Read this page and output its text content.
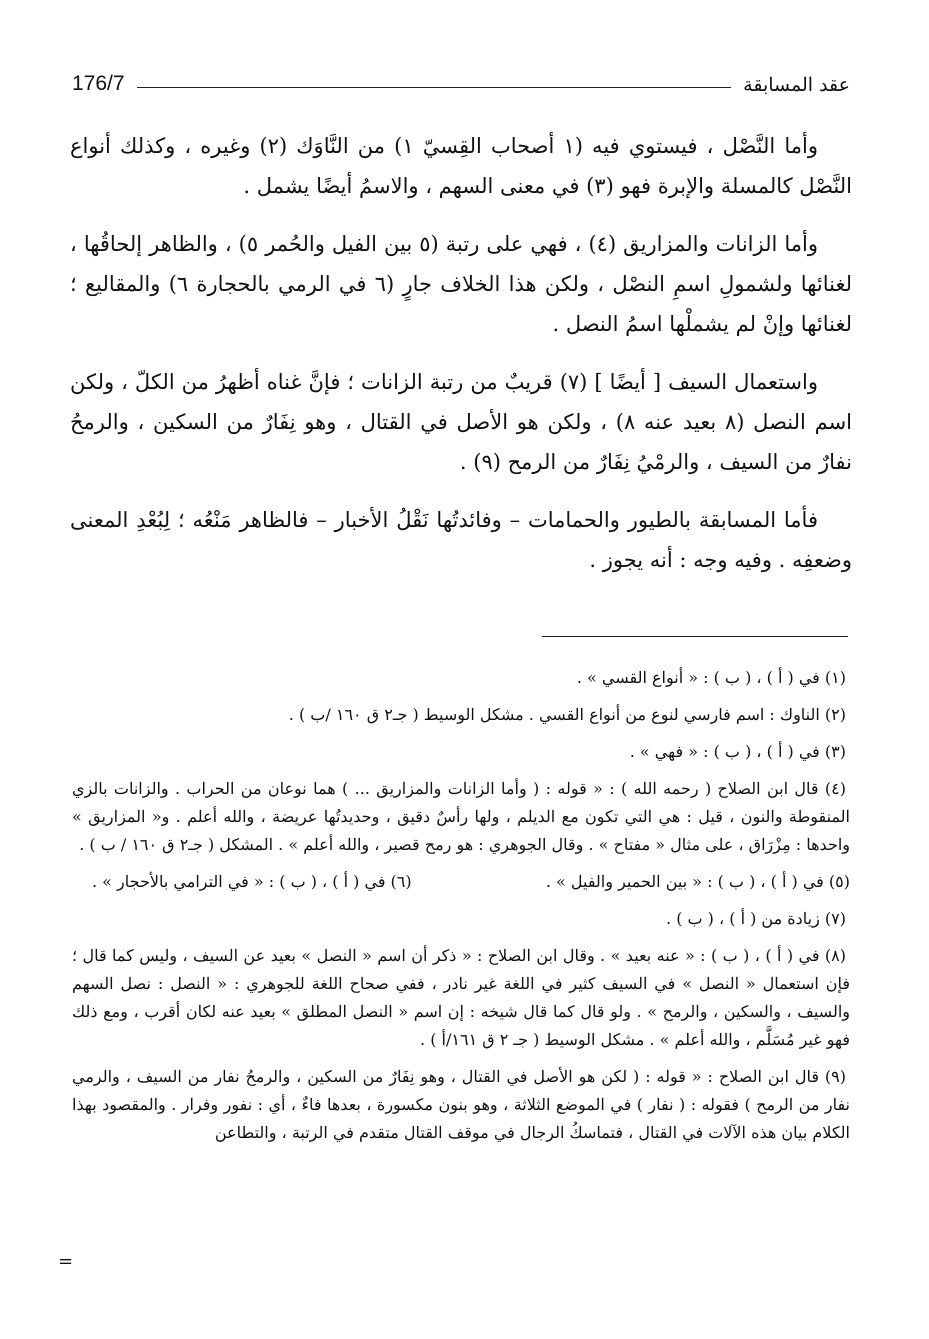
176/7	عقد المسابقة

وأما النَّصْل ، فيستوي فيه (١ أصحاب القِسيّ ١) من النَّاوَك (٢) وغيره ، وكذلك أنواع النَّصْل كالمسلة والإبرة فهو (٣) في معنى السهم ، والاسمُ أيضًا يشمل .

وأما الزانات والمزاريق (٤) ، فهي على رتبة (٥ بين الفيل والحُمر ٥) ، والظاهر إلحاقُها ، لغنائها ولشمولِ اسمِ النصْل ، ولكن هذا الخلاف جارٍ (٦ في الرمي بالحجارة ٦) والمقاليع ؛ لغنائها وإنْ لم يشملْها اسمُ النصل .

واستعمال السيف [ أيضًا ] (٧) قريبٌ من رتبة الزانات ؛ فإنَّ غناه أظهرُ من الكلّ ، ولكن اسم النصل (٨ بعيد عنه ٨) ، ولكن هو الأصل في القتال ، وهو نِفَارٌ من السكين ، والرمحُ نفارٌ من السيف ، والرمْيُ نِفَارٌ من الرمح (٩) .

فأما المسابقة بالطيور والحمامات – وفائدتُها نَقْلُ الأخبار – فالظاهر مَنْعُه ؛ لِبُعْدِ المعنى وضعفِه . وفيه وجه : أنه يجوز .

(١) في ( أ ) ، ( ب ) : « أنواع القسي » .
(٢) الناوك : اسم فارسي لنوع من أنواع القسي . مشكل الوسيط ( جـ٢ ق ١٦٠ /ب ) .
(٣) في ( أ ) ، ( ب ) : « فهي » .
(٤) قال ابن الصلاح ( رحمه الله ) : « قوله : ( وأما الزانات والمزاريق ... ) هما نوعان من الحراب . والزانات بالزي المنقوطة والنون ، قيل : هي التي تكون مع الديلم ، ولها رأسٌ دقيق ، وحديدتُها عريضة ، والله أعلم . و« المزاريق » واحدها : مِزْرَاق ، على مثال « مفتاح » . وقال الجوهري : هو رمح قصير ، والله أعلم » . المشكل ( جـ٢ ق ١٦٠ / ب ) .
(٥) في ( أ ) ، ( ب ) : « بين الحمير والفيل » .
(٦) في ( أ ) ، ( ب ) : « في الترامي بالأحجار » .
(٧) زيادة من ( أ ) ، ( ب ) .
(٨) في ( أ ) ، ( ب ) : « عنه بعيد » . وقال ابن الصلاح : « ذكر أن اسم « النصل » بعيد عن السيف ، وليس كما قال ؛ فإن استعمال « النصل » في السيف كثير في اللغة غير نادر ، ففي صحاح اللغة للجوهري : « النصل : نصل السهم والسيف ، والسكين ، والرمح » . ولو قال كما قال شيخه : إن اسم « النصل المطلق » بعيد عنه لكان أقرب ، ومع ذلك فهو غير مُسَلَّم ، والله أعلم » . مشكل الوسيط ( جـ ٢ ق ١٦١/أ ) .
(٩) قال ابن الصلاح : « قوله : ( لكن هو الأصل في القتال ، وهو نِفَارٌ من السكين ، والرمحُ نفار من السيف ، والرمي نفار من الرمح ) فقوله : ( نفار ) في الموضع الثلاثة ، وهو بنون مكسورة ، بعدها فاءٌ ، أي : نفور وفرار . والمقصود بهذا الكلام بيان هذه الآلات في القتال ، فتماسكُ الرجال في موقف القتال متقدم في الرتبة ، والتطاعن
=
